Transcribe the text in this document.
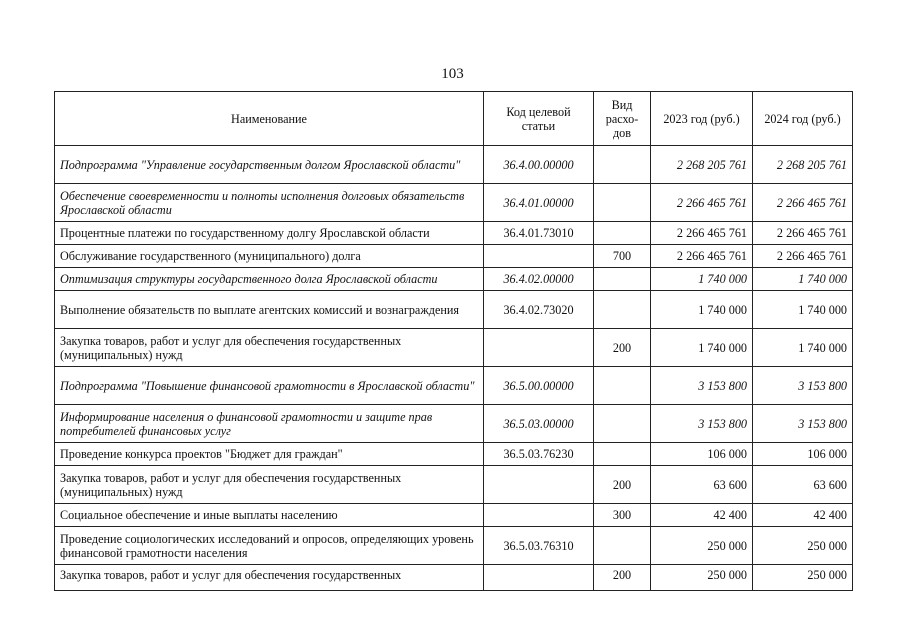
103
Наименование	Код целевой статьи	Вид расхо-дов	2023 год (руб.)	2024 год (руб.)
Подпрограмма "Управление государственным долгом Ярославской области"	36.4.00.00000		2 268 205 761	2 268 205 761
Обеспечение своевременности и полноты исполнения долговых обязательств Ярославской области	36.4.01.00000		2 266 465 761	2 266 465 761
Процентные платежи по государственному долгу Ярославской области	36.4.01.73010		2 266 465 761	2 266 465 761
Обслуживание государственного (муниципального) долга		700	2 266 465 761	2 266 465 761
Оптимизация структуры государственного долга Ярославской области	36.4.02.00000		1 740 000	1 740 000
Выполнение обязательств по выплате агентских комиссий и вознаграждения	36.4.02.73020		1 740 000	1 740 000
Закупка товаров, работ и услуг для обеспечения государственных (муниципальных) нужд		200	1 740 000	1 740 000
Подпрограмма "Повышение финансовой грамотности в Ярославской области"	36.5.00.00000		3 153 800	3 153 800
Информирование населения о финансовой грамотности и защите прав потребителей финансовых услуг	36.5.03.00000		3 153 800	3 153 800
Проведение конкурса проектов "Бюджет для граждан"	36.5.03.76230		106 000	106 000
Закупка товаров, работ и услуг для обеспечения государственных (муниципальных) нужд		200	63 600	63 600
Социальное обеспечение и иные выплаты населению		300	42 400	42 400
Проведение социологических исследований и опросов, определяющих уровень финансовой грамотности населения	36.5.03.76310		250 000	250 000
Закупка товаров, работ и услуг для обеспечения государственных		200	250 000	250 000
